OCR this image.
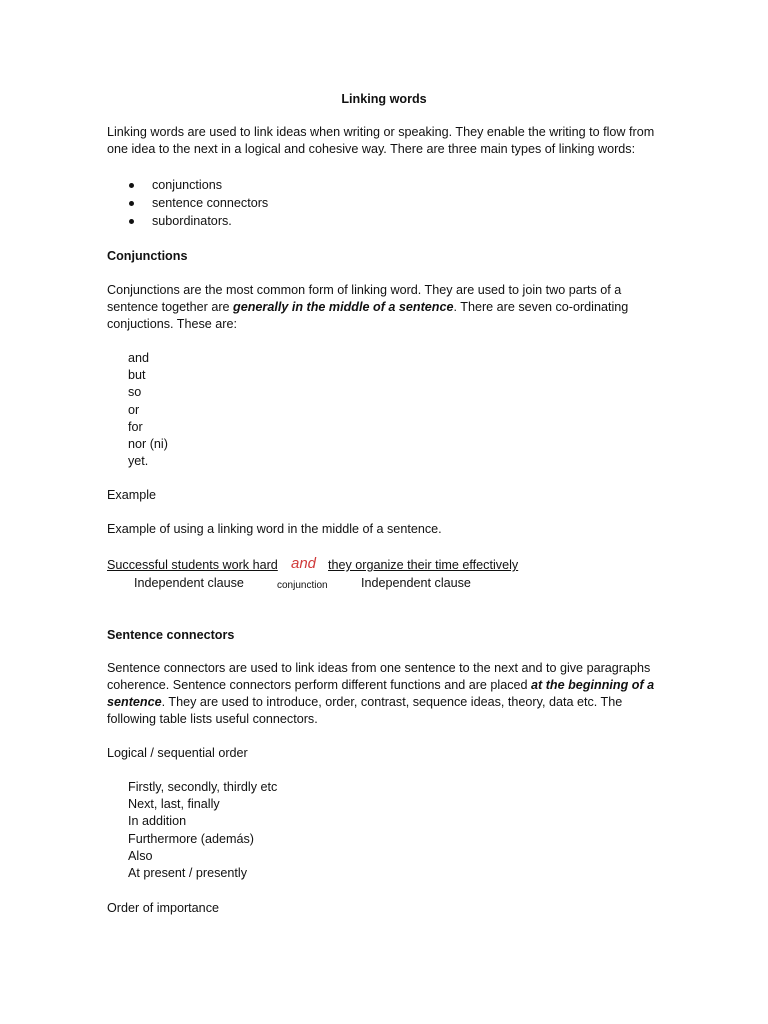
Linking words

Linking words are used to link ideas when writing or speaking. They enable the writing to flow from one idea to the next in a logical and cohesive way. There are three main types of linking words:

conjunctions
sentence connectors
subordinators.
Conjunctions

Conjunctions are the most common form of linking word. They are used to join two parts of a sentence together are generally in the middle of a sentence. There are seven co-ordinating conjuctions. These are:

and
but
so
or
for
nor (ni)
yet.
Example
Example of using a linking word in the middle of a sentence.
Successful students work hard and they organize their time effectively
Independent clause	conjunction	Independent clause
Sentence connectors

Sentence connectors are used to link ideas from one sentence to the next and to give paragraphs coherence. Sentence connectors perform different functions and are placed at the beginning of a sentence. They are used to introduce, order, contrast, sequence ideas, theory, data etc. The following table lists useful connectors.

Logical / sequential order
Firstly, secondly, thirdly etc
Next, last, finally
In addition
Furthermore (además)
Also
At present / presently
Order of importance
